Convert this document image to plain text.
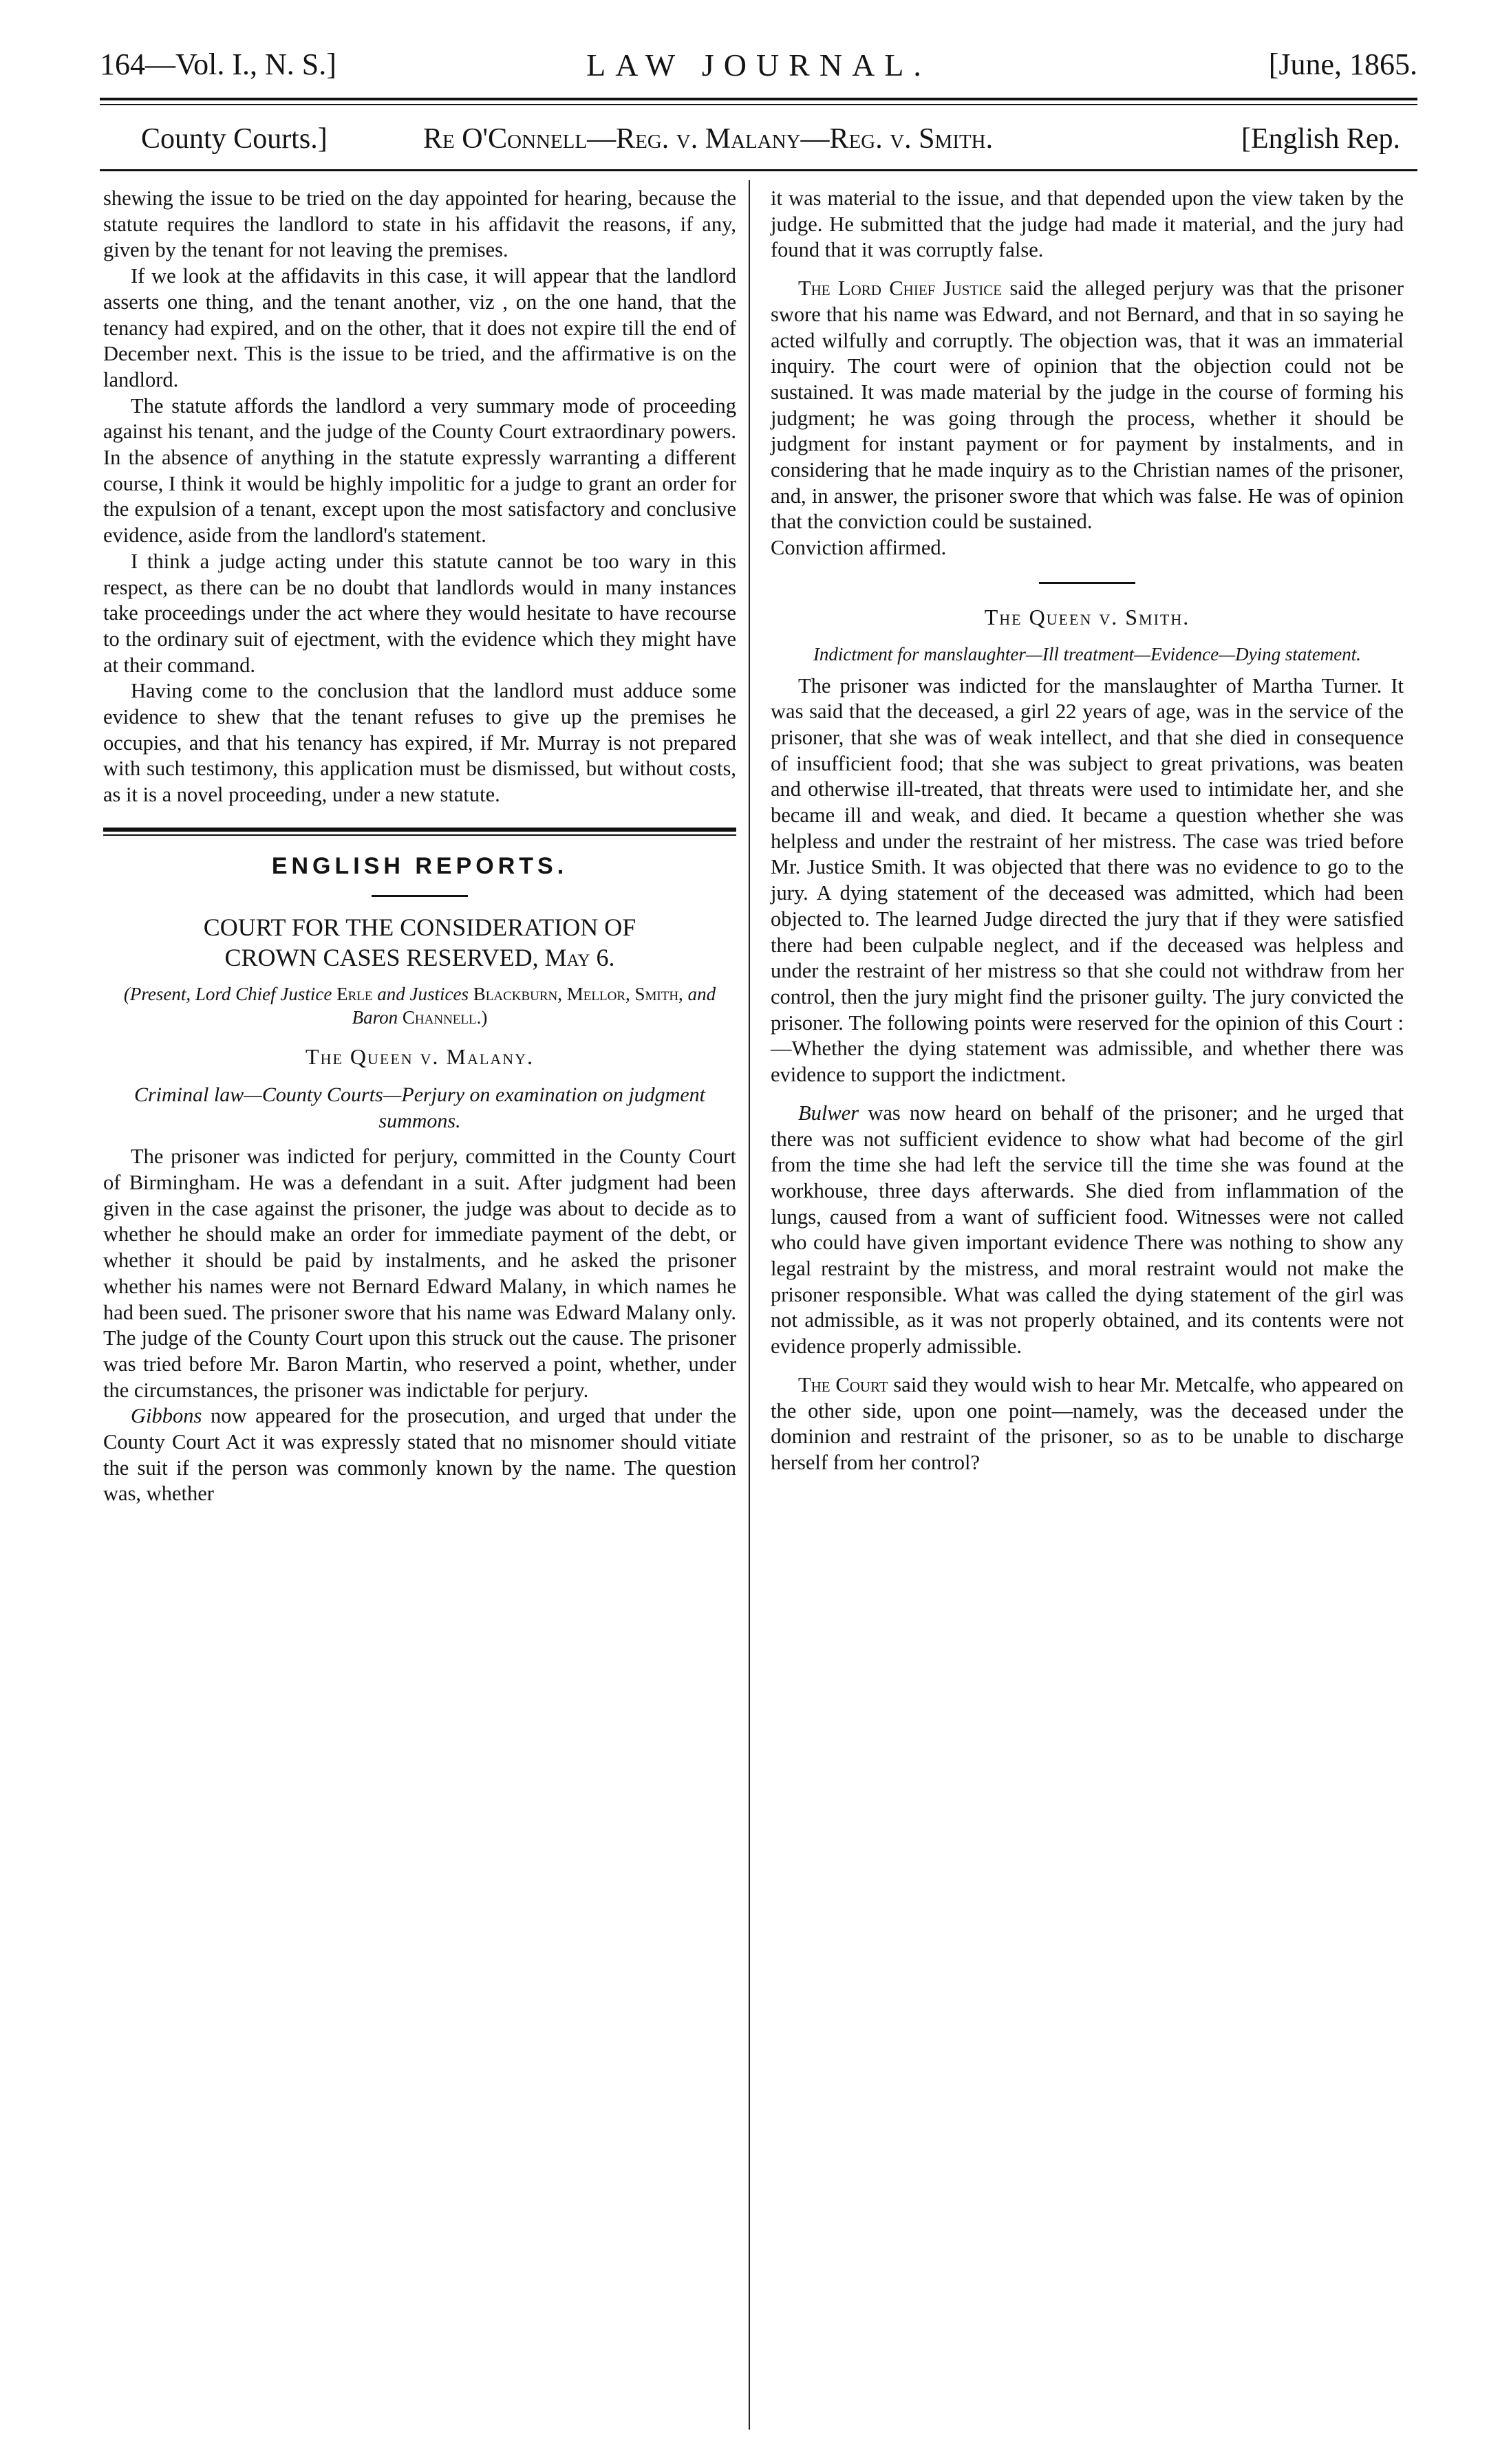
164—Vol. I., N. S.]	LAW JOURNAL.	[June, 1865.
County Courts.]	Re O'Connell—Reg. v. Malany—Reg. v. Smith.	[English Rep.

shewing the issue to be tried on the day appointed for hearing, because the statute requires the landlord to state in his affidavit the reasons, if any, given by the tenant for not leaving the premises.

If we look at the affidavits in this case, it will appear that the landlord asserts one thing, and the tenant another, viz , on the one hand, that the tenancy had expired, and on the other, that it does not expire till the end of December next. This is the issue to be tried, and the affirmative is on the landlord.

The statute affords the landlord a very summary mode of proceeding against his tenant, and the judge of the County Court extraordinary powers. In the absence of anything in the statute expressly warranting a different course, I think it would be highly impolitic for a judge to grant an order for the expulsion of a tenant, except upon the most satisfactory and conclusive evidence, aside from the landlord's statement.

I think a judge acting under this statute cannot be too wary in this respect, as there can be no doubt that landlords would in many instances take proceedings under the act where they would hesitate to have recourse to the ordinary suit of ejectment, with the evidence which they might have at their command.

Having come to the conclusion that the landlord must adduce some evidence to shew that the tenant refuses to give up the premises he occupies, and that his tenancy has expired, if Mr. Murray is not prepared with such testimony, this application must be dismissed, but without costs, as it is a novel proceeding, under a new statute.

ENGLISH REPORTS.
COURT FOR THE CONSIDERATION OF
CROWN CASES RESERVED, May 6.
(Present, Lord Chief Justice Erle and Justices Blackburn, Mellor, Smith, and Baron Channell.)
The Queen v. Malany.
Criminal law—County Courts—Perjury on examination on judgment summons.

The prisoner was indicted for perjury, committed in the County Court of Birmingham. He was a defendant in a suit. After judgment had been given in the case against the prisoner, the judge was about to decide as to whether he should make an order for immediate payment of the debt, or whether it should be paid by instalments, and he asked the prisoner whether his names were not Bernard Edward Malany, in which names he had been sued. The prisoner swore that his name was Edward Malany only. The judge of the County Court upon this struck out the cause. The prisoner was tried before Mr. Baron Martin, who reserved a point, whether, under the circumstances, the prisoner was indictable for perjury.

Gibbons now appeared for the prosecution, and urged that under the County Court Act it was expressly stated that no misnomer should vitiate the suit if the person was commonly known by the name. The question was, whether

it was material to the issue, and that depended upon the view taken by the judge. He submitted that the judge had made it material, and the jury had found that it was corruptly false.

The Lord Chief Justice said the alleged perjury was that the prisoner swore that his name was Edward, and not Bernard, and that in so saying he acted wilfully and corruptly. The objection was, that it was an immaterial inquiry. The court were of opinion that the objection could not be sustained. It was made material by the judge in the course of forming his judgment; he was going through the process, whether it should be judgment for instant payment or for payment by instalments, and in considering that he made inquiry as to the Christian names of the prisoner, and, in answer, the prisoner swore that which was false. He was of opinion that the conviction could be sustained.

Conviction affirmed.

The Queen v. Smith.
Indictment for manslaughter—Ill treatment—Evidence—Dying statement.

The prisoner was indicted for the manslaughter of Martha Turner. It was said that the deceased, a girl 22 years of age, was in the service of the prisoner, that she was of weak intellect, and that she died in consequence of insufficient food; that she was subject to great privations, was beaten and otherwise ill-treated, that threats were used to intimidate her, and she became ill and weak, and died. It became a question whether she was helpless and under the restraint of her mistress. The case was tried before Mr. Justice Smith. It was objected that there was no evidence to go to the jury. A dying statement of the deceased was admitted, which had been objected to. The learned Judge directed the jury that if they were satisfied there had been culpable neglect, and if the deceased was helpless and under the restraint of her mistress so that she could not withdraw from her control, then the jury might find the prisoner guilty. The jury convicted the prisoner. The following points were reserved for the opinion of this Court :—Whether the dying statement was admissible, and whether there was evidence to support the indictment.

Bulwer was now heard on behalf of the prisoner; and he urged that there was not sufficient evidence to show what had become of the girl from the time she had left the service till the time she was found at the workhouse, three days afterwards. She died from inflammation of the lungs, caused from a want of sufficient food. Witnesses were not called who could have given important evidence There was nothing to show any legal restraint by the mistress, and moral restraint would not make the prisoner responsible. What was called the dying statement of the girl was not admissible, as it was not properly obtained, and its contents were not evidence properly admissible.

The Court said they would wish to hear Mr. Metcalfe, who appeared on the other side, upon one point—namely, was the deceased under the dominion and restraint of the prisoner, so as to be unable to discharge herself from her control?
